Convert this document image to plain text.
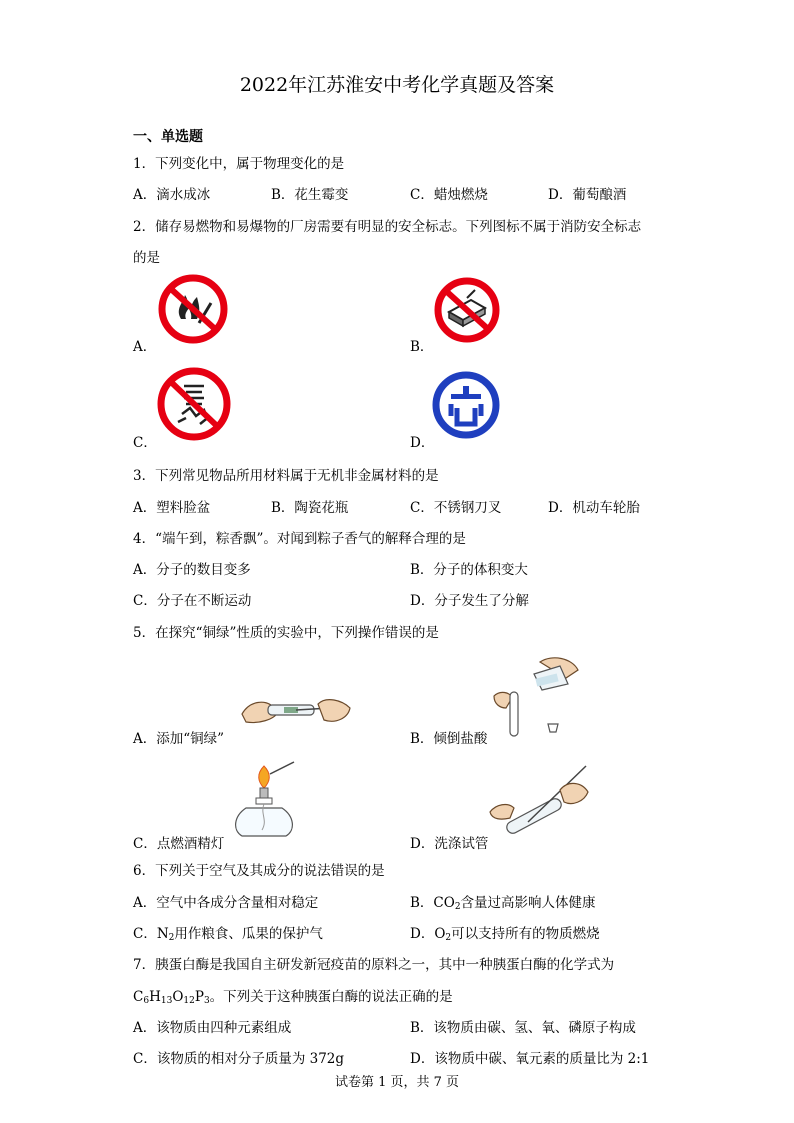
2022年江苏淮安中考化学真题及答案
一、单选题
1．下列变化中，属于物理变化的是
A．滴水成冰	B．花生霉变	C．蜡烛燃烧	D．葡萄酿酒
2．储存易燃物和易爆物的厂房需要有明显的安全标志。下列图标不属于消防安全标志
的是
A．	B．
C．	D．
3．下列常见物品所用材料属于无机非金属材料的是
A．塑料脸盆	B．陶瓷花瓶	C．不锈钢刀叉	D．机动车轮胎
4．“端午到，粽香飘”。对闻到粽子香气的解释合理的是
A．分子的数目变多	B．分子的体积变大
C．分子在不断运动	D．分子发生了分解
5．在探究“铜绿”性质的实验中，下列操作错误的是
A．添加“铜绿”	B．倾倒盐酸
C．点燃酒精灯	D．洗涤试管
6．下列关于空气及其成分的说法错误的是
A．空气中各成分含量相对稳定	B．$CO_2$含量过高影响人体健康
C．$N_2$用作粮食、瓜果的保护气	D．$O_2$可以支持所有的物质燃烧
7．胰蛋白酶是我国自主研发新冠疫苗的原料之一，其中一种胰蛋白酶的化学式为
$C_6H_{13}O_{12}P_3$。下列关于这种胰蛋白酶的说法正确的是
A．该物质由四种元素组成	B．该物质由碳、氢、氧、磷原子构成
C．该物质的相对分子质量为 372g	D．该物质中碳、氧元素的质量比为 2:1
试卷第 1 页，共 7 页
